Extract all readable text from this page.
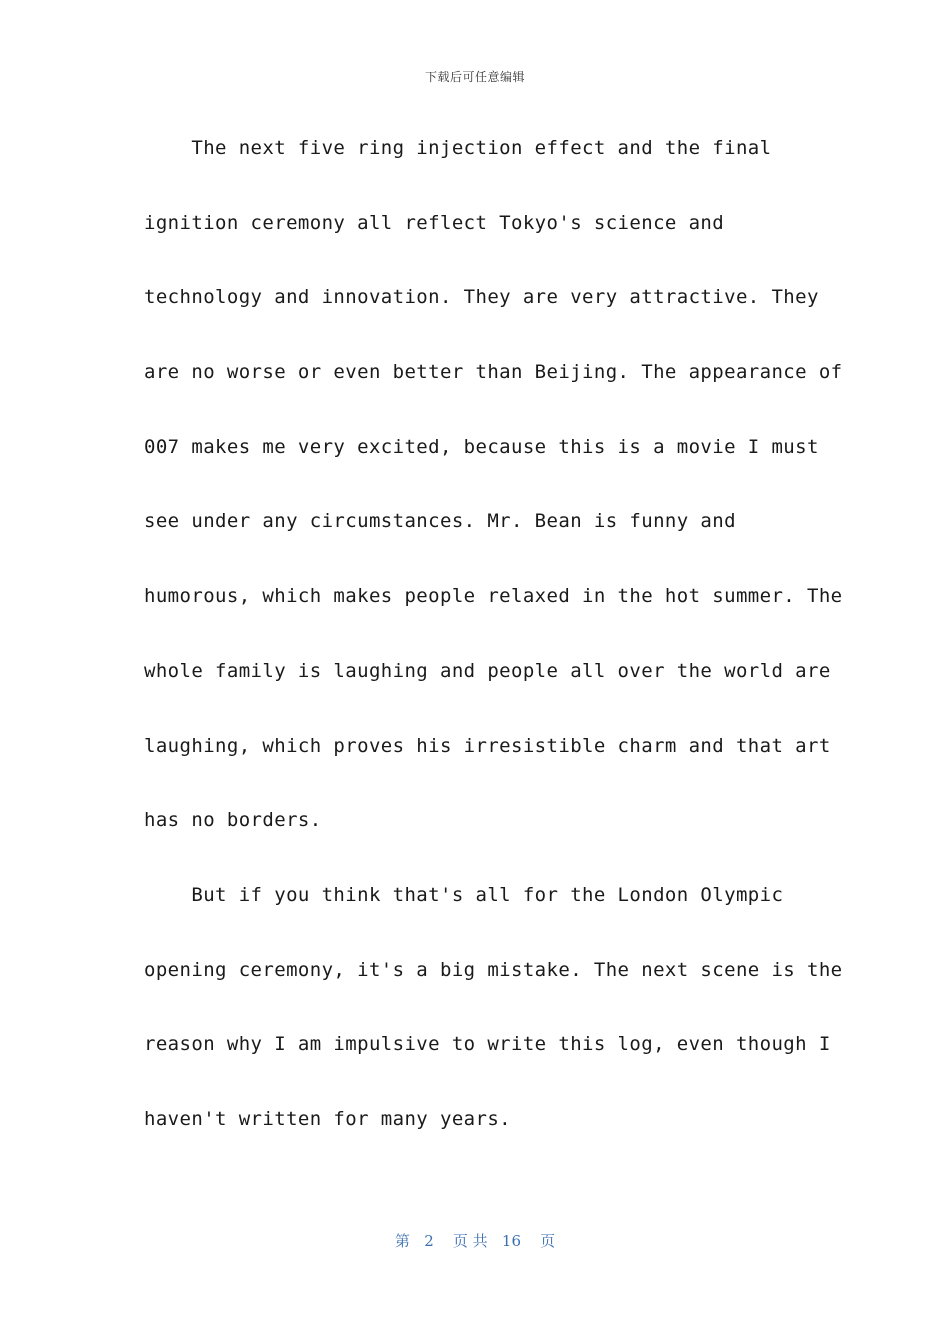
下载后可任意编辑
The next five ring injection effect and the final
ignition ceremony all reflect Tokyo's science and
technology and innovation. They are very attractive. They
are no worse or even better than Beijing. The appearance of
007 makes me very excited, because this is a movie I must
see under any circumstances. Mr. Bean is funny and
humorous, which makes people relaxed in the hot summer. The
whole family is laughing and people all over the world are
laughing, which proves his irresistible charm and that art
has no borders.
But if you think that's all for the London Olympic
opening ceremony, it's a big mistake. The next scene is the
reason why I am impulsive to write this log, even though I
haven't written for many years.
第 2 页 共 16 页
